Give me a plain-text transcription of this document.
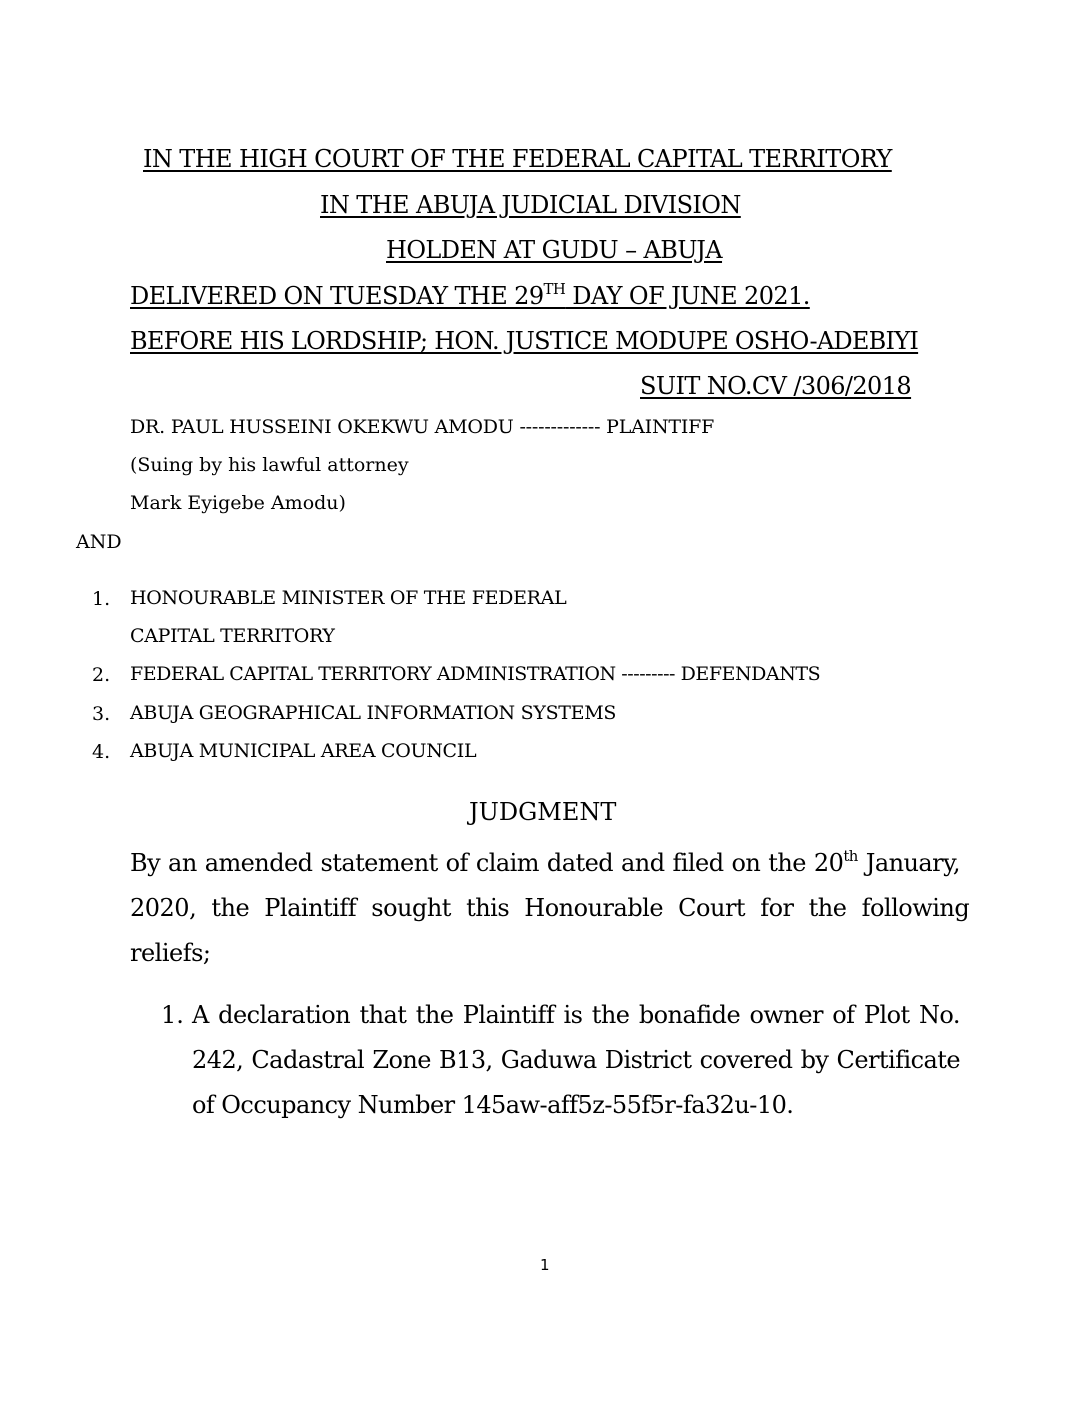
IN THE HIGH COURT OF THE FEDERAL CAPITAL TERRITORY
IN THE ABUJA JUDICIAL DIVISION
HOLDEN AT GUDU – ABUJA
DELIVERED ON TUESDAY THE 29TH DAY OF JUNE 2021.
BEFORE HIS LORDSHIP; HON. JUSTICE MODUPE OSHO-ADEBIYI
SUIT NO.CV /306/2018
DR. PAUL HUSSEINI OKEKWU AMODU ------------- PLAINTIFF
(Suing by his lawful attorney
Mark Eyigebe Amodu)
AND
1. HONOURABLE MINISTER OF THE FEDERAL
CAPITAL TERRITORY
2. FEDERAL CAPITAL TERRITORY ADMINISTRATION --------- DEFENDANTS
3. ABUJA GEOGRAPHICAL INFORMATION SYSTEMS
4. ABUJA MUNICIPAL AREA COUNCIL
JUDGMENT
By an amended statement of claim dated and filed on the 20th January,
2020, the Plaintiff sought this Honourable Court for the following
reliefs;
1. A declaration that the Plaintiff is the bonafide owner of Plot No.
242, Cadastral Zone B13, Gaduwa District covered by Certificate
of Occupancy Number 145aw-aff5z-55f5r-fa32u-10.
1
